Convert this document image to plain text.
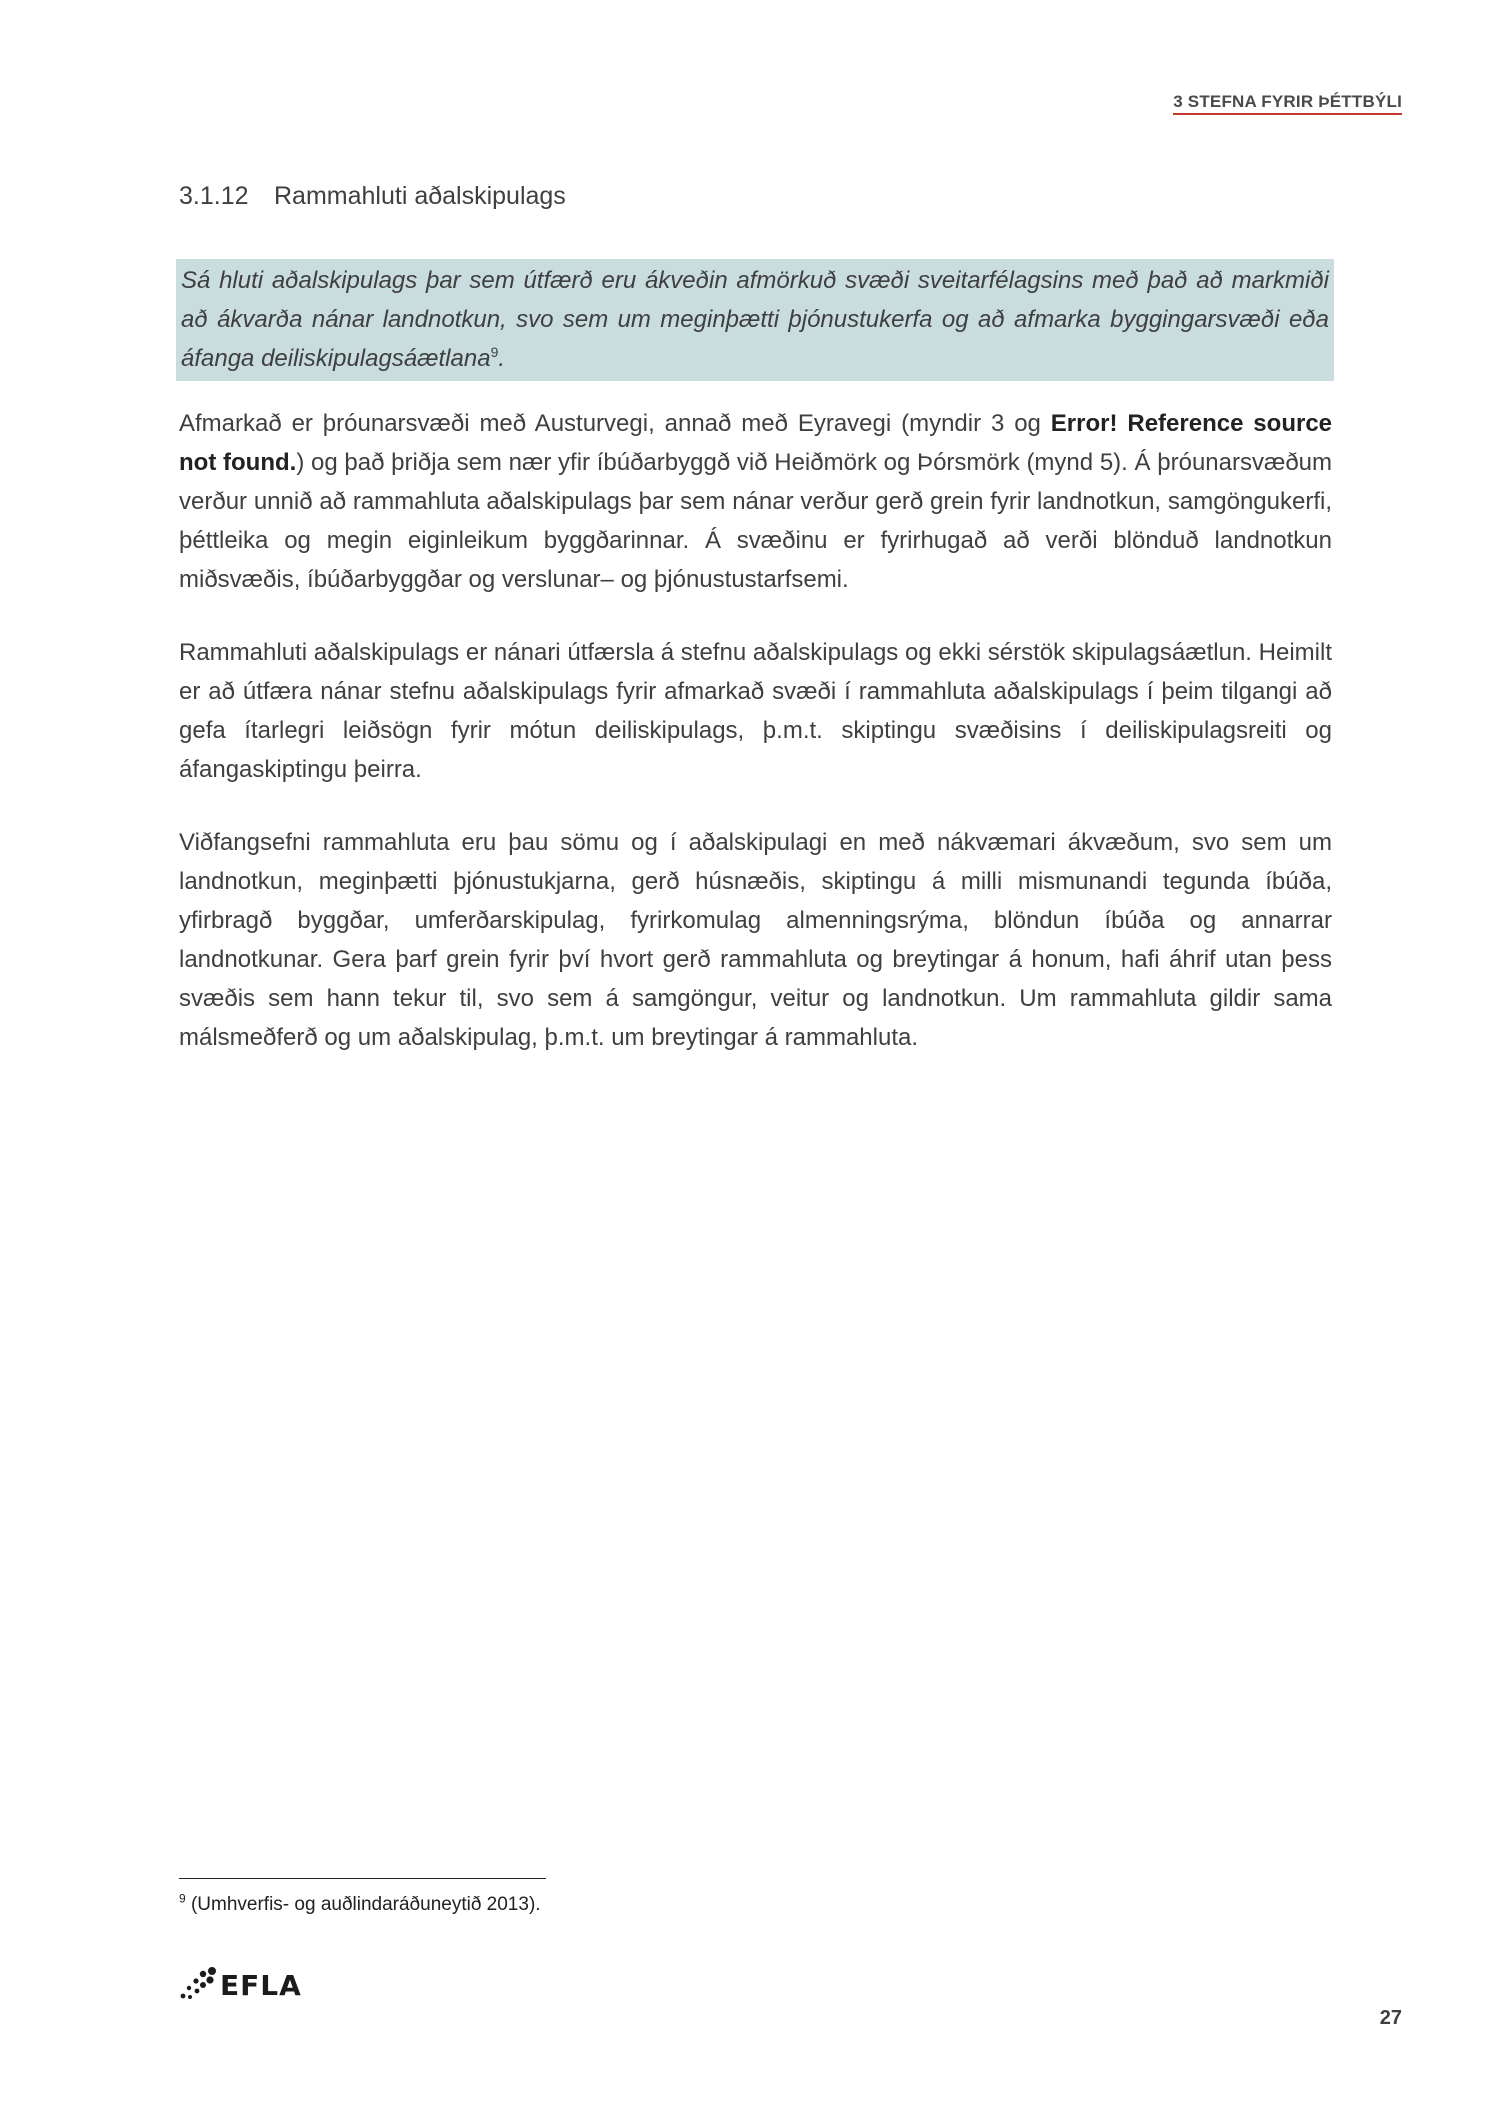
3 STEFNA FYRIR ÞÉTTBÝLI
3.1.12 Rammahluti aðalskipulags
Sá hluti aðalskipulags þar sem útfærð eru ákveðin afmörkuð svæði sveitarfélagsins með það að markmiði að ákvarða nánar landnotkun, svo sem um meginþætti þjónustukerfa og að afmarka byggingarsvæði eða áfanga deiliskipulagsáætlana$^9$.

Afmarkað er þróunarsvæði með Austurvegi, annað með Eyravegi (myndir 3 og Error! Reference source not found.) og það þriðja sem nær yfir íbúðarbyggð við Heiðmörk og Þórsmörk (mynd 5). Á þróunarsvæðum verður unnið að rammahluta aðalskipulags þar sem nánar verður gerð grein fyrir landnotkun, samgöngukerfi, þéttleika og megin eiginleikum byggðarinnar. Á svæðinu er fyrirhugað að verði blönduð landnotkun miðsvæðis, íbúðarbyggðar og verslunar– og þjónustustarfsemi.

Rammahluti aðalskipulags er nánari útfærsla á stefnu aðalskipulags og ekki sérstök skipulagsáætlun. Heimilt er að útfæra nánar stefnu aðalskipulags fyrir afmarkað svæði í rammahluta aðalskipulags í þeim tilgangi að gefa ítarlegri leiðsögn fyrir mótun deiliskipulags, þ.m.t. skiptingu svæðisins í deiliskipulagsreiti og áfangaskiptingu þeirra.

Viðfangsefni rammahluta eru þau sömu og í aðalskipulagi en með nákvæmari ákvæðum, svo sem um landnotkun, meginþætti þjónustukjarna, gerð húsnæðis, skiptingu á milli mismunandi tegunda íbúða, yfirbragð byggðar, umferðarskipulag, fyrirkomulag almenningsrýma, blöndun íbúða og annarrar landnotkunar. Gera þarf grein fyrir því hvort gerð rammahluta og breytingar á honum, hafi áhrif utan þess svæðis sem hann tekur til, svo sem á samgöngur, veitur og landnotkun. Um rammahluta gildir sama málsmeðferð og um aðalskipulag, þ.m.t. um breytingar á rammahluta.

$^9$ (Umhverfis- og auðlindaráðuneytið 2013).
EFLA
27
